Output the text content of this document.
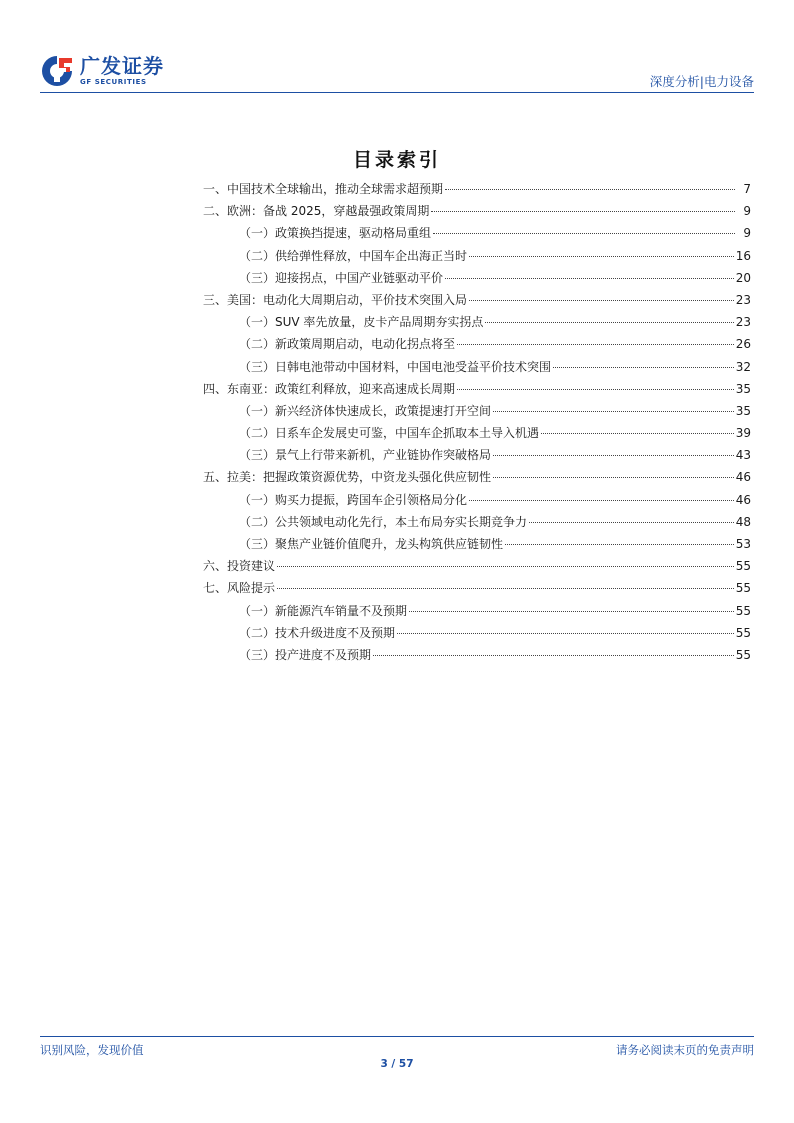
广发证券
GF SECURITIES	深度分析|电力设备
目录索引
一、中国技术全球输出，推动全球需求超预期	7
二、欧洲：备战 2025，穿越最强政策周期	9
（一）政策换挡提速，驱动格局重组	9
（二）供给弹性释放，中国车企出海正当时	16
（三）迎接拐点，中国产业链驱动平价	20
三、美国：电动化大周期启动，平价技术突围入局	23
（一）SUV 率先放量，皮卡产品周期夯实拐点	23
（二）新政策周期启动，电动化拐点将至	26
（三）日韩电池带动中国材料，中国电池受益平价技术突围	32
四、东南亚：政策红利释放，迎来高速成长周期	35
（一）新兴经济体快速成长，政策提速打开空间	35
（二）日系车企发展史可鉴，中国车企抓取本土导入机遇	39
（三）景气上行带来新机，产业链协作突破格局	43
五、拉美：把握政策资源优势，中资龙头强化供应韧性	46
（一）购买力提振，跨国车企引领格局分化	46
（二）公共领域电动化先行，本土布局夯实长期竞争力	48
（三）聚焦产业链价值爬升，龙头构筑供应链韧性	53
六、投资建议	55
七、风险提示	55
（一）新能源汽车销量不及预期	55
（二）技术升级进度不及预期	55
（三）投产进度不及预期	55
识别风险，发现价值	请务必阅读末页的免责声明
3 / 57
